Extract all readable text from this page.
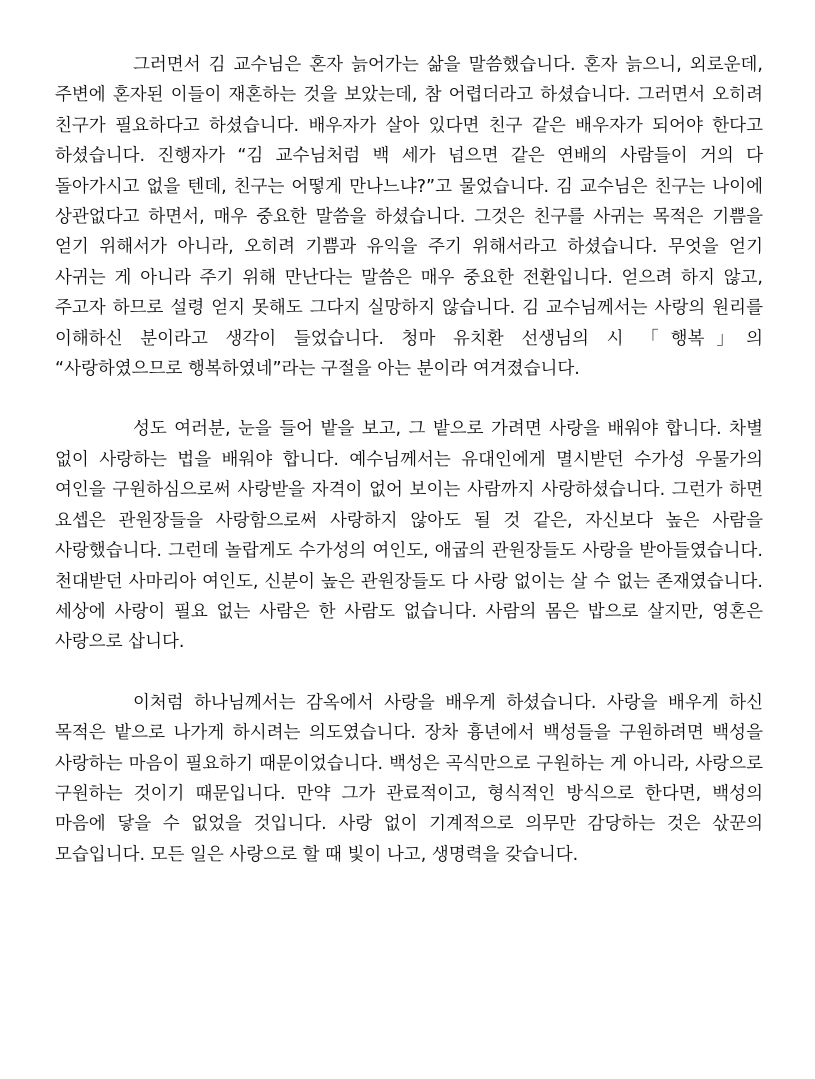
그러면서 김 교수님은 혼자 늙어가는 삶을 말씀했습니다. 혼자 늙으니, 외로운데, 주변에 혼자된 이들이 재혼하는 것을 보았는데, 참 어렵더라고 하셨습니다. 그러면서 오히려 친구가 필요하다고 하셨습니다. 배우자가 살아 있다면 친구 같은 배우자가 되어야 한다고 하셨습니다. 진행자가 “김 교수님처럼 백 세가 넘으면 같은 연배의 사람들이 거의 다 돌아가시고 없을 텐데, 친구는 어떻게 만나느냐?”고 물었습니다. 김 교수님은 친구는 나이에 상관없다고 하면서, 매우 중요한 말씀을 하셨습니다. 그것은 친구를 사귀는 목적은 기쁨을 얻기 위해서가 아니라, 오히려 기쁨과 유익을 주기 위해서라고 하셨습니다. 무엇을 얻기 사귀는 게 아니라 주기 위해 만난다는 말씀은 매우 중요한 전환입니다. 얻으려 하지 않고, 주고자 하므로 설령 얻지 못해도 그다지 실망하지 않습니다. 김 교수님께서는 사랑의 원리를 이해하신 분이라고 생각이 들었습니다. 청마 유치환 선생님의 시 「행복」의 “사랑하였으므로 행복하였네”라는 구절을 아는 분이라 여겨졌습니다.

성도 여러분, 눈을 들어 밭을 보고, 그 밭으로 가려면 사랑을 배워야 합니다. 차별 없이 사랑하는 법을 배워야 합니다. 예수님께서는 유대인에게 멸시받던 수가성 우물가의 여인을 구원하심으로써 사랑받을 자격이 없어 보이는 사람까지 사랑하셨습니다. 그런가 하면 요셉은 관원장들을 사랑함으로써 사랑하지 않아도 될 것 같은, 자신보다 높은 사람을 사랑했습니다. 그런데 놀랍게도 수가성의 여인도, 애굽의 관원장들도 사랑을 받아들였습니다. 천대받던 사마리아 여인도, 신분이 높은 관원장들도 다 사랑 없이는 살 수 없는 존재였습니다. 세상에 사랑이 필요 없는 사람은 한 사람도 없습니다. 사람의 몸은 밥으로 살지만, 영혼은 사랑으로 삽니다.

이처럼 하나님께서는 감옥에서 사랑을 배우게 하셨습니다. 사랑을 배우게 하신 목적은 밭으로 나가게 하시려는 의도였습니다. 장차 흉년에서 백성들을 구원하려면 백성을 사랑하는 마음이 필요하기 때문이었습니다. 백성은 곡식만으로 구원하는 게 아니라, 사랑으로 구원하는 것이기 때문입니다. 만약 그가 관료적이고, 형식적인 방식으로 한다면, 백성의 마음에 닿을 수 없었을 것입니다. 사랑 없이 기계적으로 의무만 감당하는 것은 삯꾼의 모습입니다. 모든 일은 사랑으로 할 때 빛이 나고, 생명력을 갖습니다.
